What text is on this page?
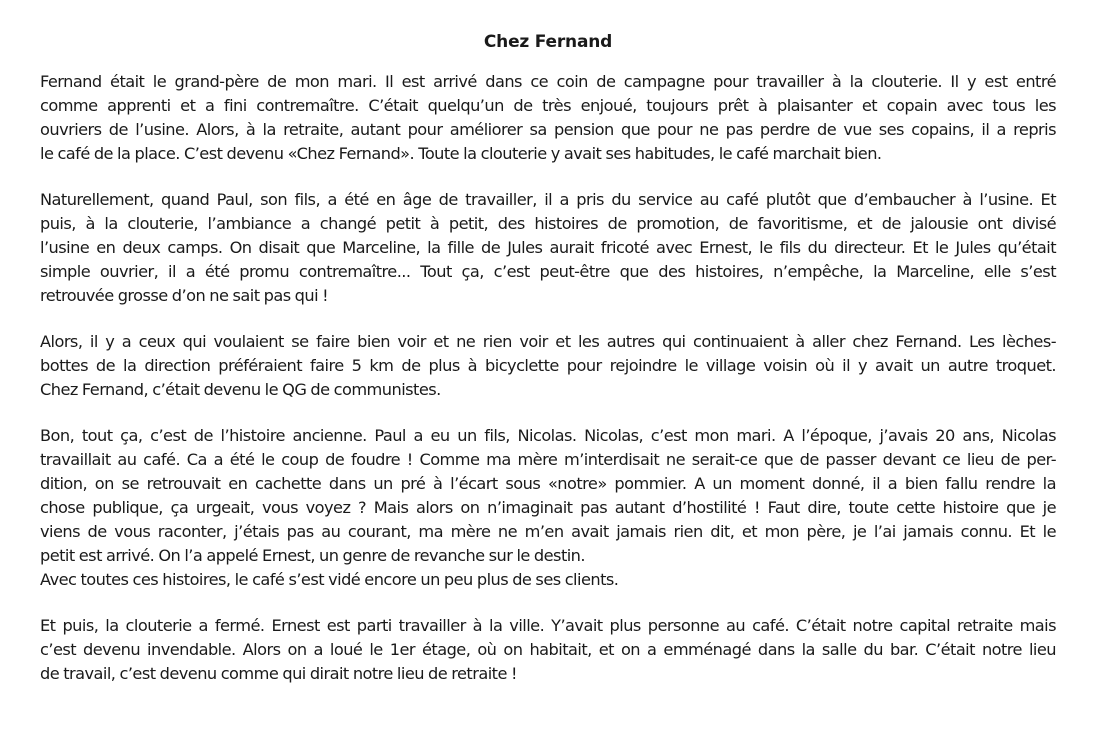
Chez Fernand
Fernand était le grand-père de mon mari. Il est arrivé dans ce coin de campagne pour travailler à la clouterie. Il y est entré
comme apprenti et a fini contremaître. C’était quelqu’un de très enjoué, toujours prêt à plaisanter et copain avec tous les
ouvriers de l’usine. Alors, à la retraite, autant pour améliorer sa pension que pour ne pas perdre de vue ses copains, il a repris
le café de la place. C’est devenu «Chez Fernand». Toute la clouterie y avait ses habitudes, le café marchait bien.
Naturellement, quand Paul, son fils, a été en âge de travailler, il a pris du service au café plutôt que d’embaucher à l’usine. Et
puis, à la clouterie, l’ambiance a changé petit à petit, des histoires de promotion, de favoritisme, et de jalousie ont divisé
l’usine en deux camps. On disait que Marceline, la fille de Jules aurait fricoté avec Ernest, le fils du directeur. Et le Jules qu’était
simple ouvrier, il a été promu contremaître... Tout ça, c’est peut-être que des histoires, n’empêche, la Marceline, elle s’est
retrouvée grosse d’on ne sait pas qui !
Alors, il y a ceux qui voulaient se faire bien voir et ne rien voir et les autres qui continuaient à aller chez Fernand. Les lèches-
bottes de la direction préféraient faire 5 km de plus à bicyclette pour rejoindre le village voisin où il y avait un autre troquet.
Chez Fernand, c’était devenu le QG de communistes.
Bon, tout ça, c’est de l’histoire ancienne. Paul a eu un fils, Nicolas. Nicolas, c’est mon mari. A l’époque, j’avais 20 ans, Nicolas
travaillait au café. Ca a été le coup de foudre ! Comme ma mère m’interdisait ne serait-ce que de passer devant ce lieu de per-
dition, on se retrouvait en cachette dans un pré à l’écart sous «notre» pommier. A un moment donné, il a bien fallu rendre la
chose publique, ça urgeait, vous voyez ? Mais alors on n’imaginait pas autant d’hostilité ! Faut dire, toute cette histoire que je
viens de vous raconter, j’étais pas au courant, ma mère ne m’en avait jamais rien dit, et mon père, je l’ai jamais connu. Et le
petit est arrivé. On l’a appelé Ernest, un genre de revanche sur le destin.
Avec toutes ces histoires, le café s’est vidé encore un peu plus de ses clients.
Et puis, la clouterie a fermé. Ernest est parti travailler à la ville. Y’avait plus personne au café. C’était notre capital retraite mais
c’est devenu invendable. Alors on a loué le 1er étage, où on habitait, et on a emménagé dans la salle du bar. C’était notre lieu
de travail, c’est devenu comme qui dirait notre lieu de retraite !
